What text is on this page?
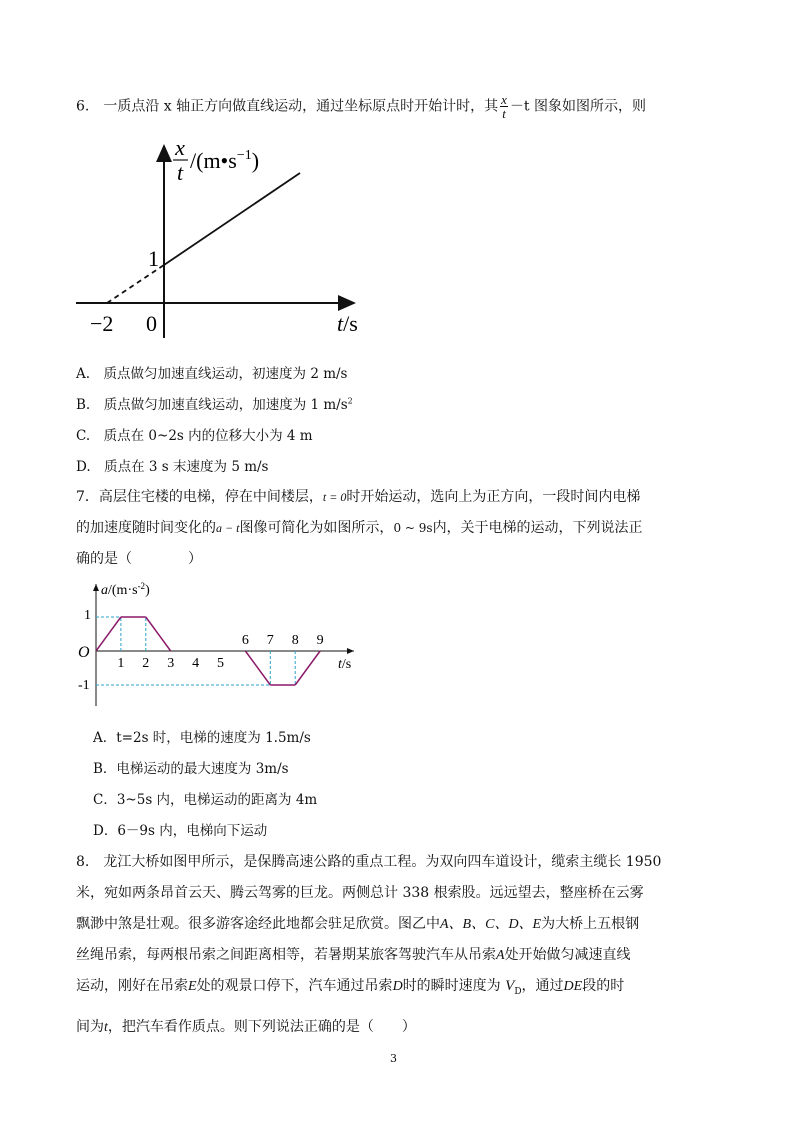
6.　一质点沿 x 轴正方向做直线运动，通过坐标原点时开始计时，其 $\frac{x}{t} -t$ 图象如图所示，则
x
t $/(m•s^{-1})$
1
−2 0	t/s
A.　质点做匀加速直线运动，初速度为 2 m/s
B.　质点做匀加速直线运动，加速度为 1 $m/s^2$
C.　质点在 0~2s 内的位移大小为 4 m
D.　质点在 3 s 末速度为 5 m/s
7．高层住宅楼的电梯，停在中间楼层，t = 0时开始运动，选向上为正方向，一段时间内电梯
的加速度随时间变化的a − t图像可简化为如图所示，0 ~ 9s内，关于电梯的运动，下列说法正
确的是（　　　　）
1 2 3 4 5
6 7 8 9
$a/(m\cdot s^{-2})$
O
1
-1
t/s
A．t=2s 时，电梯的速度为 1.5m/s
B．电梯运动的最大速度为 3m/s
C．3~5s 内，电梯运动的距离为 4m
D．6－9s 内，电梯向下运动
8.　龙江大桥如图甲所示，是保腾高速公路的重点工程。为双向四车道设计，缆索主缆长 1950
米，宛如两条昂首云天、腾云驾雾的巨龙。两侧总计 338 根索股。远远望去，整座桥在云雾
飘渺中煞是壮观。很多游客途经此地都会驻足欣赏。图乙中A、B、C、D、E为大桥上五根钢
丝绳吊索，每两根吊索之间距离相等，若暑期某旅客驾驶汽车从吊索A处开始做匀减速直线
运动，刚好在吊索E处的观景口停下，汽车通过吊索D时的瞬时速度为 $V_D$，通过DE段的时
间为t，把汽车看作质点。则下列说法正确的是（　　）
3
